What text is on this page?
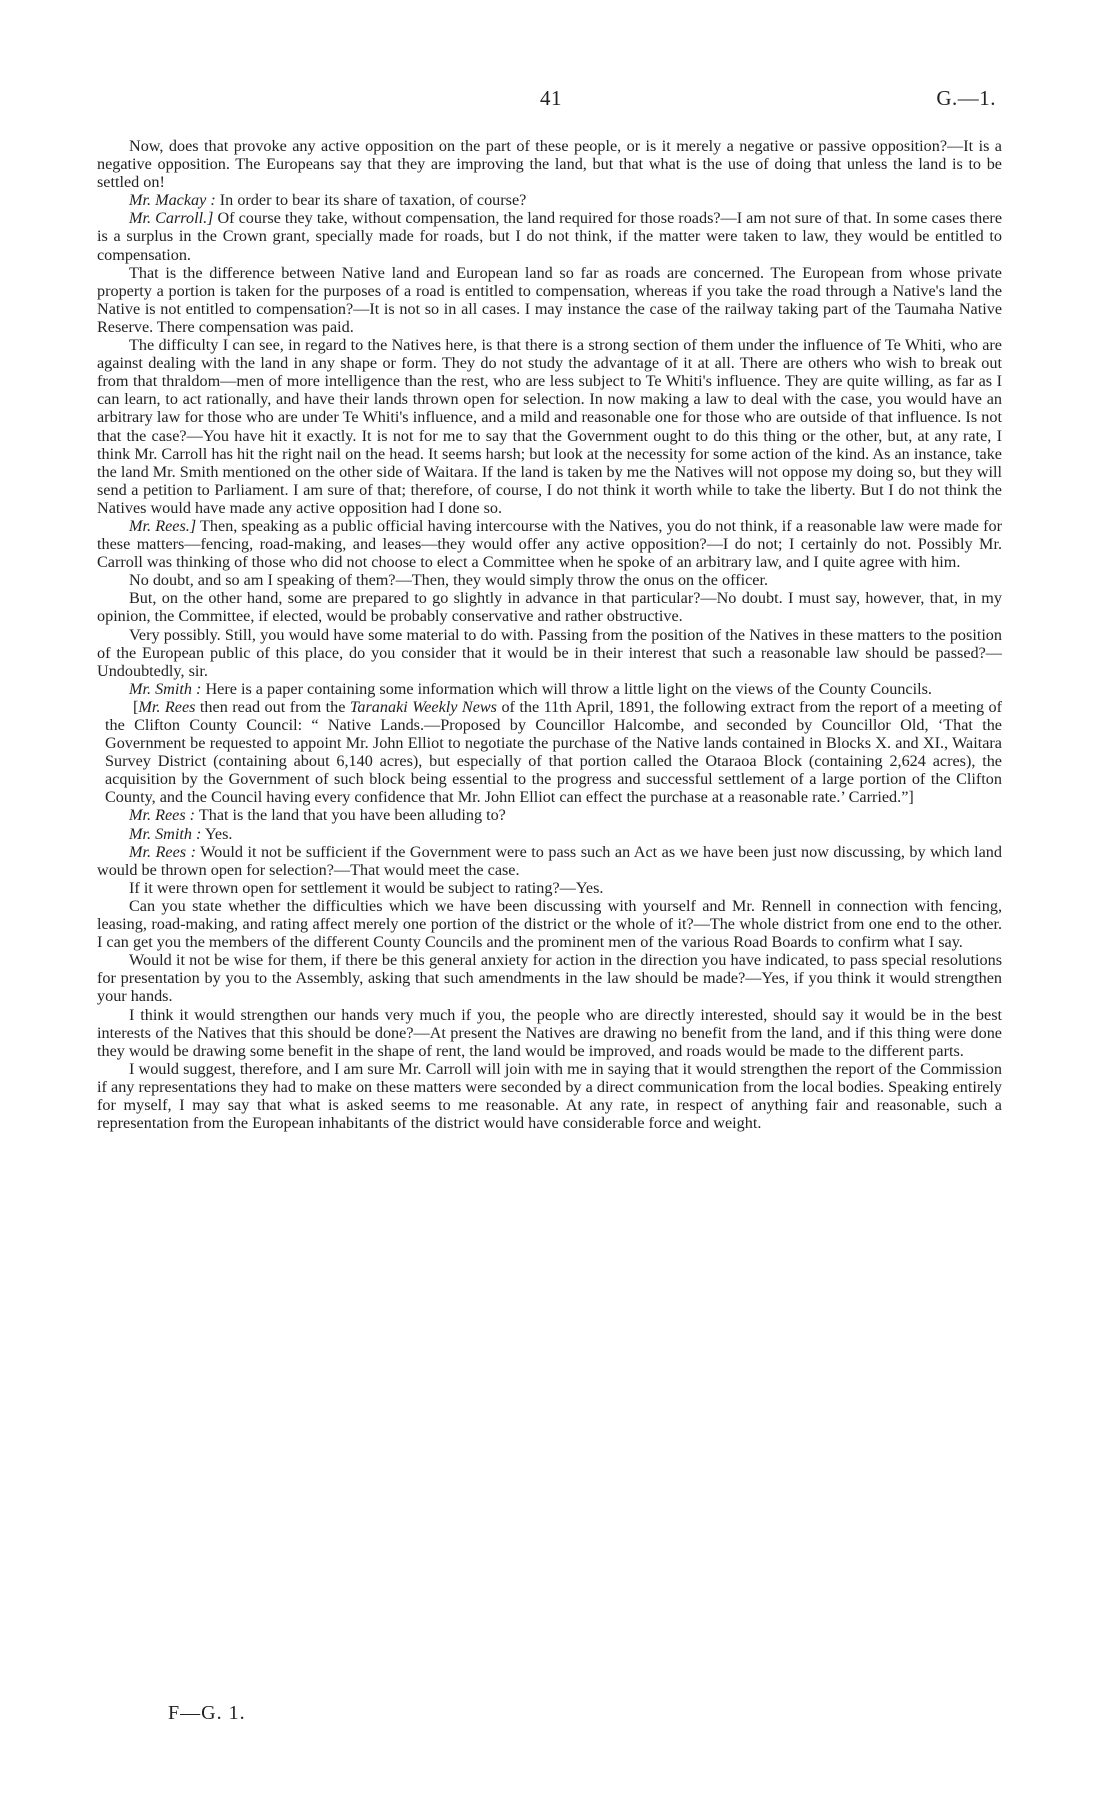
41	G.—1.

Now, does that provoke any active opposition on the part of these people, or is it merely a negative or passive opposition?—It is a negative opposition. The Europeans say that they are improving the land, but that what is the use of doing that unless the land is to be settled on!

Mr. Mackay : In order to bear its share of taxation, of course?

Mr. Carroll.] Of course they take, without compensation, the land required for those roads?—I am not sure of that. In some cases there is a surplus in the Crown grant, specially made for roads, but I do not think, if the matter were taken to law, they would be entitled to compensation.

That is the difference between Native land and European land so far as roads are concerned. The European from whose private property a portion is taken for the purposes of a road is entitled to compensation, whereas if you take the road through a Native's land the Native is not entitled to compensation?—It is not so in all cases. I may instance the case of the railway taking part of the Taumaha Native Reserve. There compensation was paid.

The difficulty I can see, in regard to the Natives here, is that there is a strong section of them under the influence of Te Whiti, who are against dealing with the land in any shape or form. They do not study the advantage of it at all. There are others who wish to break out from that thraldom—men of more intelligence than the rest, who are less subject to Te Whiti's influence. They are quite willing, as far as I can learn, to act rationally, and have their lands thrown open for selection. In now making a law to deal with the case, you would have an arbitrary law for those who are under Te Whiti's influence, and a mild and reasonable one for those who are outside of that influence. Is not that the case?—You have hit it exactly. It is not for me to say that the Government ought to do this thing or the other, but, at any rate, I think Mr. Carroll has hit the right nail on the head. It seems harsh; but look at the necessity for some action of the kind. As an instance, take the land Mr. Smith mentioned on the other side of Waitara. If the land is taken by me the Natives will not oppose my doing so, but they will send a petition to Parliament. I am sure of that; therefore, of course, I do not think it worth while to take the liberty. But I do not think the Natives would have made any active opposition had I done so.

Mr. Rees.] Then, speaking as a public official having intercourse with the Natives, you do not think, if a reasonable law were made for these matters—fencing, road-making, and leases—they would offer any active opposition?—I do not; I certainly do not. Possibly Mr. Carroll was thinking of those who did not choose to elect a Committee when he spoke of an arbitrary law, and I quite agree with him.

No doubt, and so am I speaking of them?—Then, they would simply throw the onus on the officer.

But, on the other hand, some are prepared to go slightly in advance in that particular?—No doubt. I must say, however, that, in my opinion, the Committee, if elected, would be probably conservative and rather obstructive.

Very possibly. Still, you would have some material to do with. Passing from the position of the Natives in these matters to the position of the European public of this place, do you consider that it would be in their interest that such a reasonable law should be passed?—Undoubtedly, sir.

Mr. Smith : Here is a paper containing some information which will throw a little light on the views of the County Councils.

[Mr. Rees then read out from the Taranaki Weekly News of the 11th April, 1891, the following extract from the report of a meeting of the Clifton County Council: “ Native Lands.—Proposed by Councillor Halcombe, and seconded by Councillor Old, ‘That the Government be requested to appoint Mr. John Elliot to negotiate the purchase of the Native lands contained in Blocks X. and XI., Waitara Survey District (containing about 6,140 acres), but especially of that portion called the Otaraoa Block (containing 2,624 acres), the acquisition by the Government of such block being essential to the progress and successful settlement of a large portion of the Clifton County, and the Council having every confidence that Mr. John Elliot can effect the purchase at a reasonable rate.’ Carried.”]

Mr. Rees : That is the land that you have been alluding to?

Mr. Smith : Yes.

Mr. Rees : Would it not be sufficient if the Government were to pass such an Act as we have been just now discussing, by which land would be thrown open for selection?—That would meet the case.

If it were thrown open for settlement it would be subject to rating?—Yes.

Can you state whether the difficulties which we have been discussing with yourself and Mr. Rennell in connection with fencing, leasing, road-making, and rating affect merely one portion of the district or the whole of it?—The whole district from one end to the other. I can get you the members of the different County Councils and the prominent men of the various Road Boards to confirm what I say.

Would it not be wise for them, if there be this general anxiety for action in the direction you have indicated, to pass special resolutions for presentation by you to the Assembly, asking that such amendments in the law should be made?—Yes, if you think it would strengthen your hands.

I think it would strengthen our hands very much if you, the people who are directly interested, should say it would be in the best interests of the Natives that this should be done?—At present the Natives are drawing no benefit from the land, and if this thing were done they would be drawing some benefit in the shape of rent, the land would be improved, and roads would be made to the different parts.

I would suggest, therefore, and I am sure Mr. Carroll will join with me in saying that it would strengthen the report of the Commission if any representations they had to make on these matters were seconded by a direct communication from the local bodies. Speaking entirely for myself, I may say that what is asked seems to me reasonable. At any rate, in respect of anything fair and reasonable, such a representation from the European inhabitants of the district would have considerable force and weight.

F—G. 1.
